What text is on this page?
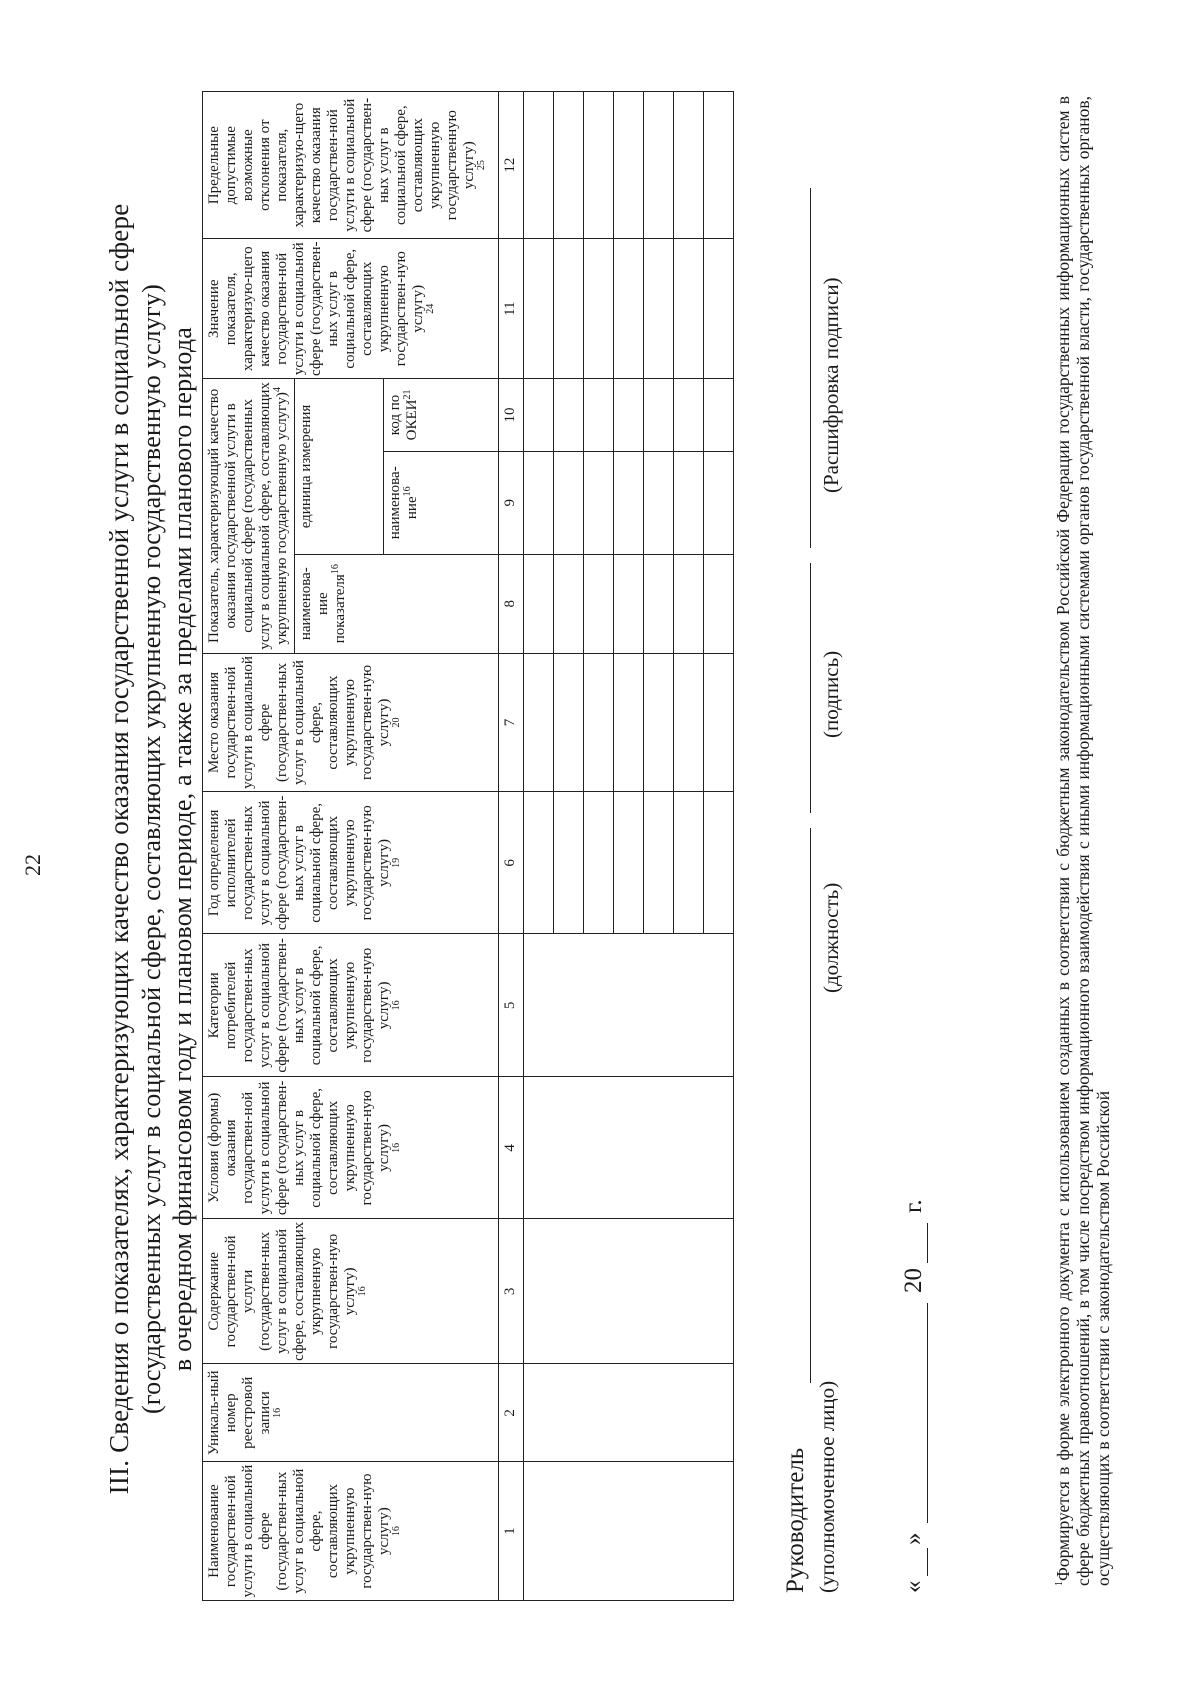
22 III. Сведения о показателях, характеризующих качество оказания государственной услуги в социальной сфере (государственных услуг в социальной сфере, составляющих укрупненную государственную услугу) в очередном финансовом году и плановом периоде, а также за пределами планового периода
Наименование государствен-ной услуги в социальной сфере (государствен-ных услуг в социальной сфере, составляющих укрупненную государствен-ную услугу) $^{16}$	Уникаль-ный номер реестровой записи $^{16}$	Содержание государствен-ной услуги (государствен-ных услуг в социальной сфере, составляющих укрупненную государствен-ную услугу) $^{16}$	Условия (формы) оказания государствен-ной услуги в социальной сфере (государствен-ных услуг в социальной сфере, составляющих укрупненную государствен-ную услугу) $^{16}$	Категории потребителей государствен-ных услуг в социальной сфере (государствен-ных услуг в социальной сфере, составляющих укрупненную государствен-ную услугу) $^{16}$	Год определения исполнителей государствен-ных услуг в социальной сфере (государствен-ных услуг в социальной сфере, составляющих укрупненную государствен-ную услугу) $^{19}$	Место оказания государствен-ной услуги в социальной сфере (государствен-ных услуг в социальной сфере, составляющих укрупненную государствен-ную услугу) $^{20}$	Показатель, характеризующий качество оказания государственной услуги в социальной сфере (государственных услуг в социальной сфере, составляющих укрупненную государственную услугу)$^4$			Значение показателя, характеризую-щего качество оказания государствен-ной услуги в социальной сфере (государствен-ных услуг в социальной сфере, составляющих укрупненную государствен-ную услугу) $^{24}$	Предельные допустимые возможные отклонения от показателя, характеризую-щего качество оказания государствен-ной услуги в социальной сфере (государствен-ных услуг в социальной сфере, составляющих укрупненную государственную услугу) $^{25}$
							наименова-ние показателя$^{16}$	единица измерения			
								наименова-ние$^{16}$	код по ОКЕИ$^{21}$
1	2	3	4	5	6	7	8	9	10	11	12

Руководитель (уполномоченное лицо)
(должность)
(подпись)
(Расшифровка подписи)
«
»
20
г.
$^1$Формируется в форме электронного документа с использованием созданных в соответствии с бюджетным законодательством Российской Федерации государственных информационных систем в сфере бюджетных правоотношений, в том числе посредством информационного взаимодействия с иными информационными системами органов государственной власти, государственных органов, осуществляющих в соответствии с законодательством Российской
